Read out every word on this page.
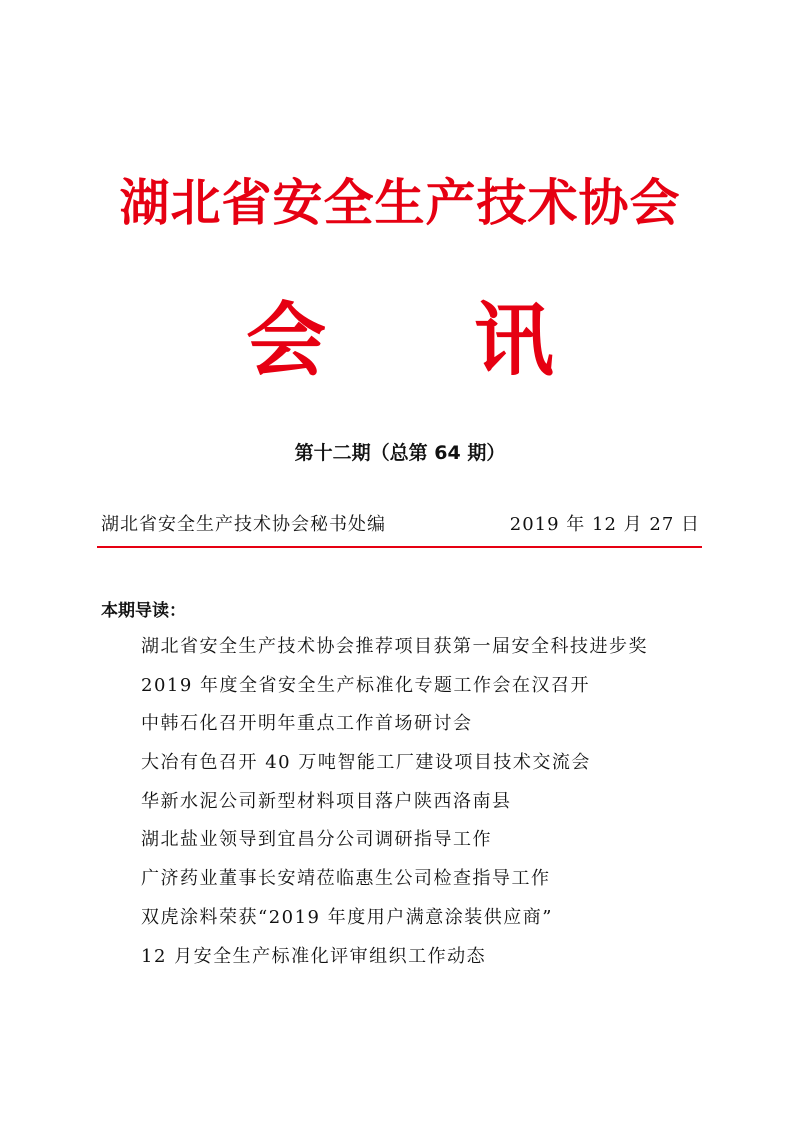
湖北省安全生产技术协会
会 讯
第十二期（总第 64 期）
湖北省安全生产技术协会秘书处编	2019 年 12 月 27 日
本期导读：
湖北省安全生产技术协会推荐项目获第一届安全科技进步奖
2019 年度全省安全生产标准化专题工作会在汉召开
中韩石化召开明年重点工作首场研讨会
大冶有色召开 40 万吨智能工厂建设项目技术交流会
华新水泥公司新型材料项目落户陕西洛南县
湖北盐业领导到宜昌分公司调研指导工作
广济药业董事长安靖莅临惠生公司检查指导工作
双虎涂料荣获“2019 年度用户满意涂装供应商”
12 月安全生产标准化评审组织工作动态
